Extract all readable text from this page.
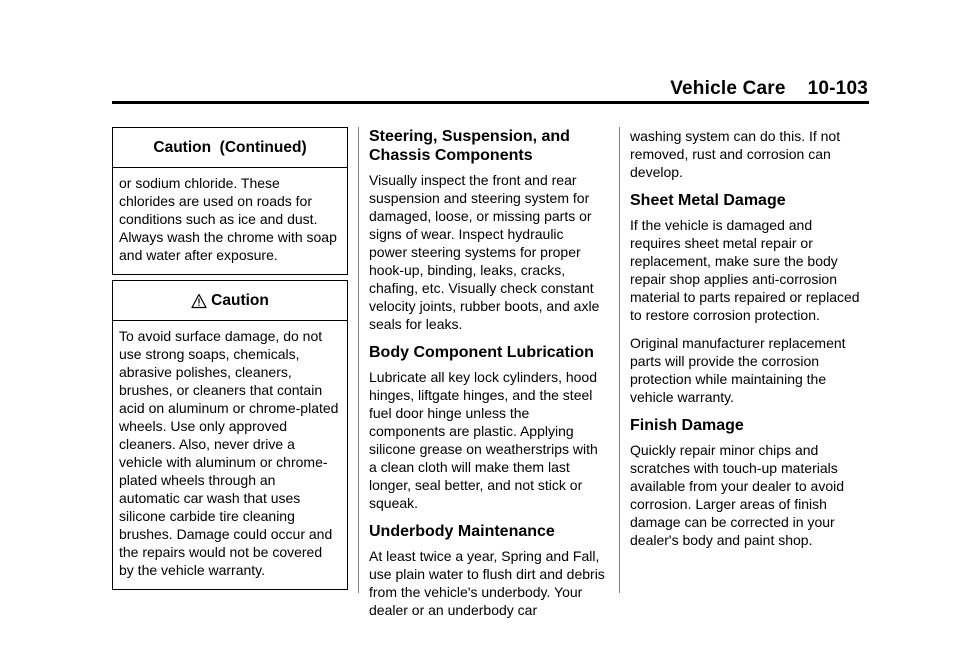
Vehicle Care 10-103
Caution  (Continued)
or sodium chloride. These chlorides are used on roads for conditions such as ice and dust. Always wash the chrome with soap and water after exposure.
Caution
To avoid surface damage, do not use strong soaps, chemicals, abrasive polishes, cleaners, brushes, or cleaners that contain acid on aluminum or chrome-plated wheels. Use only approved cleaners. Also, never drive a vehicle with aluminum or chrome-plated wheels through an automatic car wash that uses silicone carbide tire cleaning brushes. Damage could occur and the repairs would not be covered by the vehicle warranty.
Steering, Suspension, and Chassis Components

Visually inspect the front and rear suspension and steering system for damaged, loose, or missing parts or signs of wear. Inspect hydraulic power steering systems for proper hook-up, binding, leaks, cracks, chafing, etc. Visually check constant velocity joints, rubber boots, and axle seals for leaks.

Body Component Lubrication

Lubricate all key lock cylinders, hood hinges, liftgate hinges, and the steel fuel door hinge unless the components are plastic. Applying silicone grease on weatherstrips with a clean cloth will make them last longer, seal better, and not stick or squeak.

Underbody Maintenance

At least twice a year, Spring and Fall, use plain water to flush dirt and debris from the vehicle's underbody. Your dealer or an underbody car

washing system can do this. If not removed, rust and corrosion can develop.

Sheet Metal Damage

If the vehicle is damaged and requires sheet metal repair or replacement, make sure the body repair shop applies anti-corrosion material to parts repaired or replaced to restore corrosion protection.

Original manufacturer replacement parts will provide the corrosion protection while maintaining the vehicle warranty.

Finish Damage

Quickly repair minor chips and scratches with touch-up materials available from your dealer to avoid corrosion. Larger areas of finish damage can be corrected in your dealer's body and paint shop.
